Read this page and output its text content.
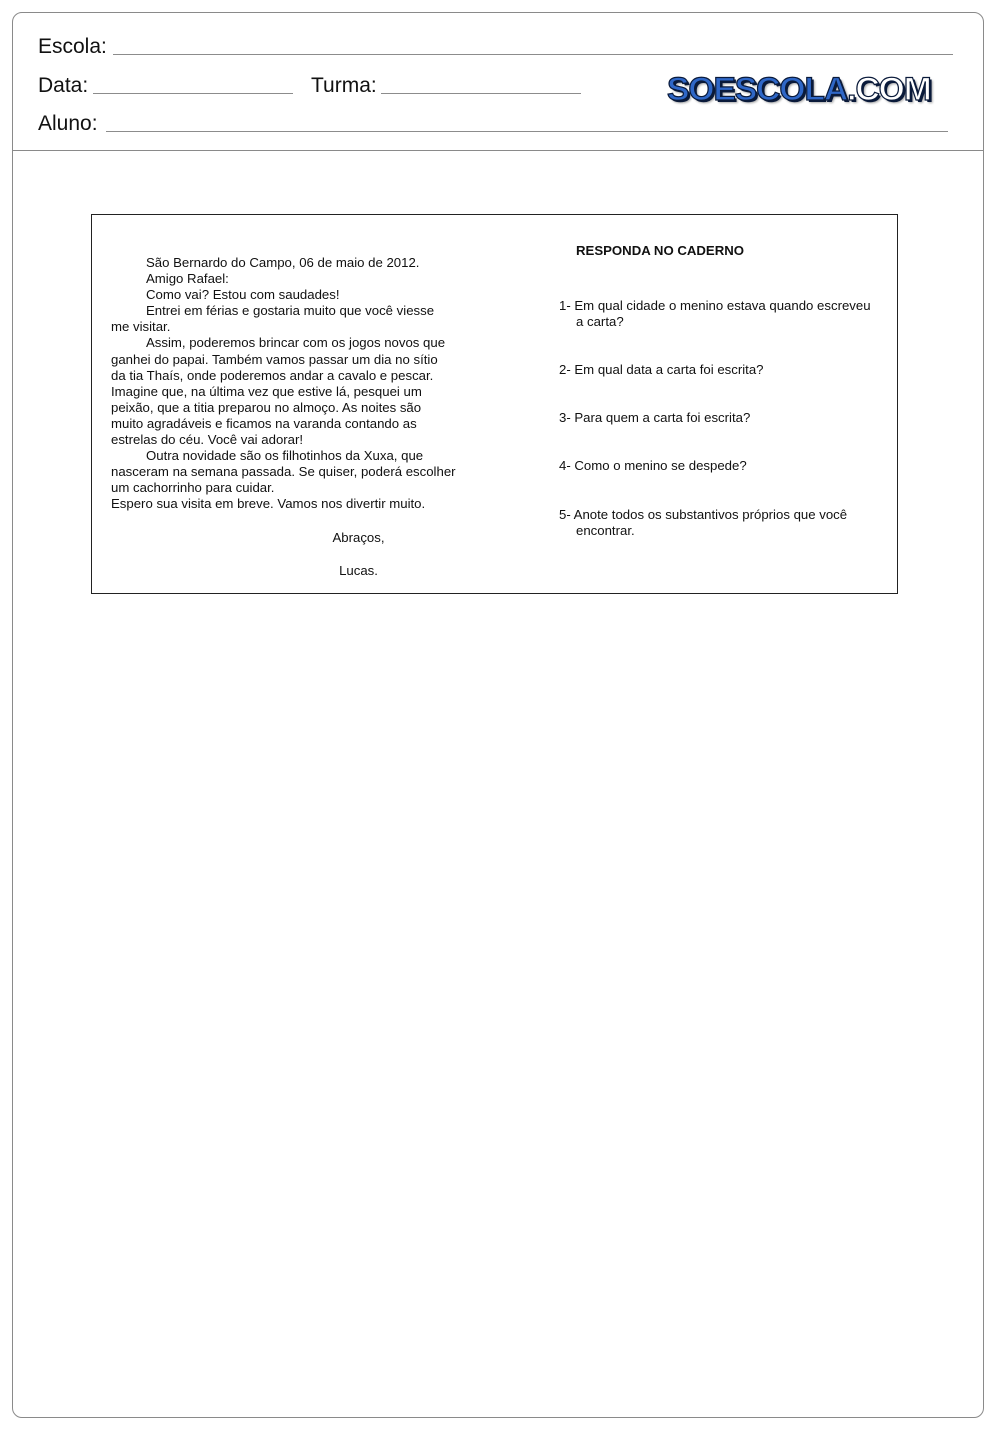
Escola:
Data:	Turma:
Aluno:
SOESCOLA.COM

São Bernardo do Campo, 06 de maio de 2012.

Amigo Rafael:

Como vai? Estou com saudades!

Entrei em férias e gostaria muito que você viesse me visitar.

Assim, poderemos brincar com os jogos novos que ganhei do papai. Também vamos passar um dia no sítio da tia Thaís, onde poderemos andar a cavalo e pescar. Imagine que, na última vez que estive lá, pesquei um peixão, que a titia preparou no almoço. As noites são muito agradáveis e ficamos na varanda contando as estrelas do céu. Você vai adorar!

Outra novidade são os filhotinhos da Xuxa, que nasceram na semana passada. Se quiser, poderá escolher um cachorrinho para cuidar.

Espero sua visita em breve. Vamos nos divertir muito.

Abraços,

Lucas.

RESPONDA NO CADERNO

1- Em qual cidade o menino estava quando escreveu a carta?

2- Em qual data a carta foi escrita?

3- Para quem a carta foi escrita?

4- Como o menino se despede?

5- Anote todos os substantivos próprios que você encontrar.
